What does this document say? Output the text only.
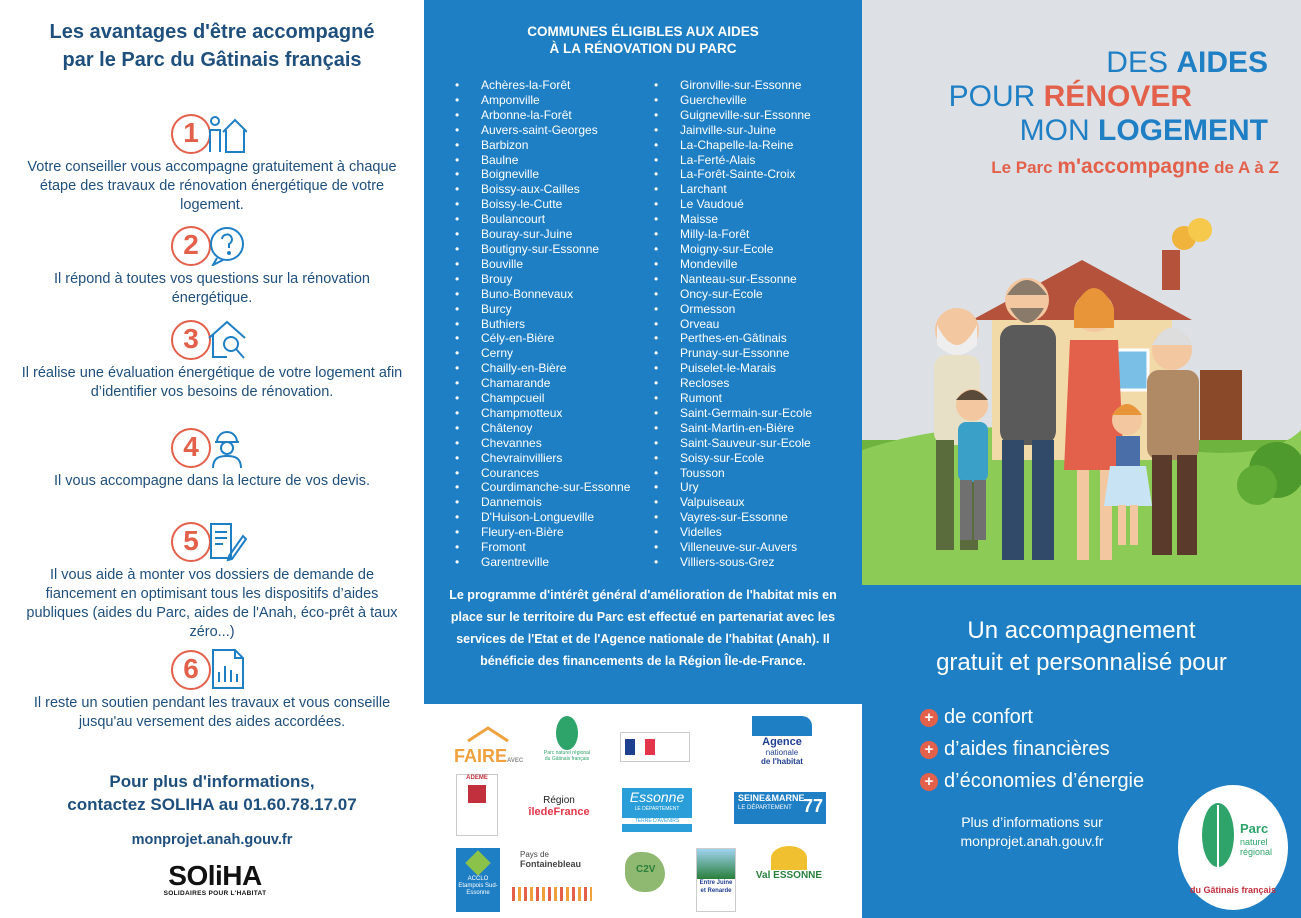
Les avantages d'être accompagné par le Parc du Gâtinais français
1

Votre conseiller vous accompagne gratuitement à chaque étape des travaux de rénovation énergétique de votre logement.

2

Il répond à toutes vos questions sur la rénovation énergétique.

3

Il réalise une évaluation énergétique de votre logement afin d’identifier vos besoins de rénovation.

4

Il vous accompagne dans la lecture de vos devis.

5

Il vous aide à monter vos dossiers de demande de fiancement en optimisant tous les dispositifs d’aides publiques (aides du Parc, aides de l'Anah, éco-prêt à taux zéro...)

6

Il reste un soutien pendant les travaux et vous conseille jusqu'au versement des aides accordées.

Pour plus d'informations,
contactez SOLIHA au 01.60.78.17.07
monprojet.anah.gouv.fr
SOliHA
SOLIDAIRES POUR L'HABITAT
COMMUNES ÉLIGIBLES AUX AIDES
À LA RÉNOVATION DU PARC
• Achères-la-Forêt
• Amponville
• Arbonne-la-Forêt
• Auvers-saint-Georges
• Barbizon
• Baulne
• Boigneville
• Boissy-aux-Cailles
• Boissy-le-Cutte
• Boulancourt
• Bouray-sur-Juine
• Boutigny-sur-Essonne
• Bouville
• Brouy
• Buno-Bonnevaux
• Burcy
• Buthiers
• Cély-en-Bière
• Cerny
• Chailly-en-Bière
• Chamarande
• Champcueil
• Champmotteux
• Châtenoy
• Chevannes
• Chevrainvilliers
• Courances
• Courdimanche-sur-Essonne
• Dannemois
• D'Huison-Longueville
• Fleury-en-Bière
• Fromont
• Garentreville
• Gironville-sur-Essonne
• Guercheville
• Guigneville-sur-Essonne
• Jainville-sur-Juine
• La-Chapelle-la-Reine
• La-Ferté-Alais
• La-Forêt-Sainte-Croix
• Larchant
• Le Vaudoué
• Maisse
• Milly-la-Forêt
• Moigny-sur-Ecole
• Mondeville
• Nanteau-sur-Essonne
• Oncy-sur-Ecole
• Ormesson
• Orveau
• Perthes-en-Gâtinais
• Prunay-sur-Essonne
• Puiselet-le-Marais
• Recloses
• Rumont
• Saint-Germain-sur-Ecole
• Saint-Martin-en-Bière
• Saint-Sauveur-sur-Ecole
• Soisy-sur-Ecole
• Tousson
• Ury
• Valpuiseaux
• Vayres-sur-Essonne
• Videlles
• Villeneuve-sur-Auvers
• Villiers-sous-Grez

Le programme d'intérêt général d'amélioration de l'habitat mis en place sur le territoire du Parc est effectué en partenariat avec les services de l'Etat et de l'Agence nationale de l'habitat (Anah). Il bénéficie des financements de la Région Île-de-France.

FAIREAVEC
Parc naturel régional du Gâtinais français
Agence
nationale
de l'habitat
ADEME
Région
îledeFrance
Essonne
LE DÉPARTEMENT
TERRE D'AVENIRS
SEINE&MARNE
LE DÉPARTEMENT 77
ACCLO Etampois Sud-Essonne
Pays de
Fontainebleau	C2V
Entre Juine
et Renarde
Val ESSONNE
DES AIDES
POUR RÉNOVER
MON LOGEMENT
Le Parc m'accompagne de A à Z
Un accompagnement
gratuit et personnalisé pour
+ de confort
+ d’aides financières
+ d’économies d’énergie
Plus d’informations sur
monprojet.anah.gouv.fr
Parc
naturel
régional
du Gâtinais français
